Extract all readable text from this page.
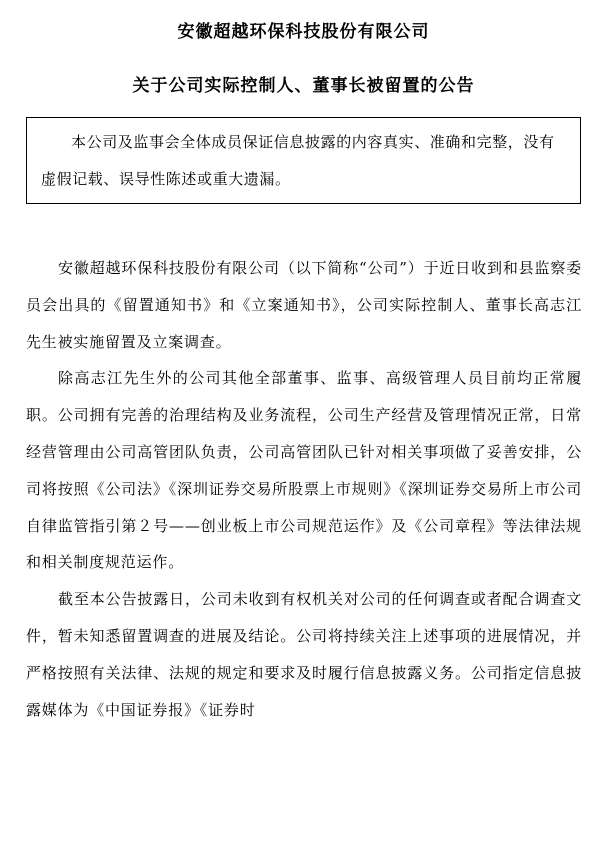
安徽超越环保科技股份有限公司
关于公司实际控制人、董事长被留置的公告
本公司及监事会全体成员保证信息披露的内容真实、准确和完整，没有虚假记载、误导性陈述或重大遗漏。

安徽超越环保科技股份有限公司（以下简称“公司”）于近日收到和县监察委员会出具的《留置通知书》和《立案通知书》，公司实际控制人、董事长高志江先生被实施留置及立案调查。

除高志江先生外的公司其他全部董事、监事、高级管理人员目前均正常履职。公司拥有完善的治理结构及业务流程，公司生产经营及管理情况正常，日常经营管理由公司高管团队负责，公司高管团队已针对相关事项做了妥善安排，公司将按照《公司法》《深圳证券交易所股票上市规则》《深圳证券交易所上市公司自律监管指引第２号——创业板上市公司规范运作》及《公司章程》等法律法规和相关制度规范运作。

截至本公告披露日，公司未收到有权机关对公司的任何调查或者配合调查文件，暂未知悉留置调查的进展及结论。公司将持续关注上述事项的进展情况，并严格按照有关法律、法规的规定和要求及时履行信息披露义务。公司指定信息披露媒体为《中国证券报》《证券时
